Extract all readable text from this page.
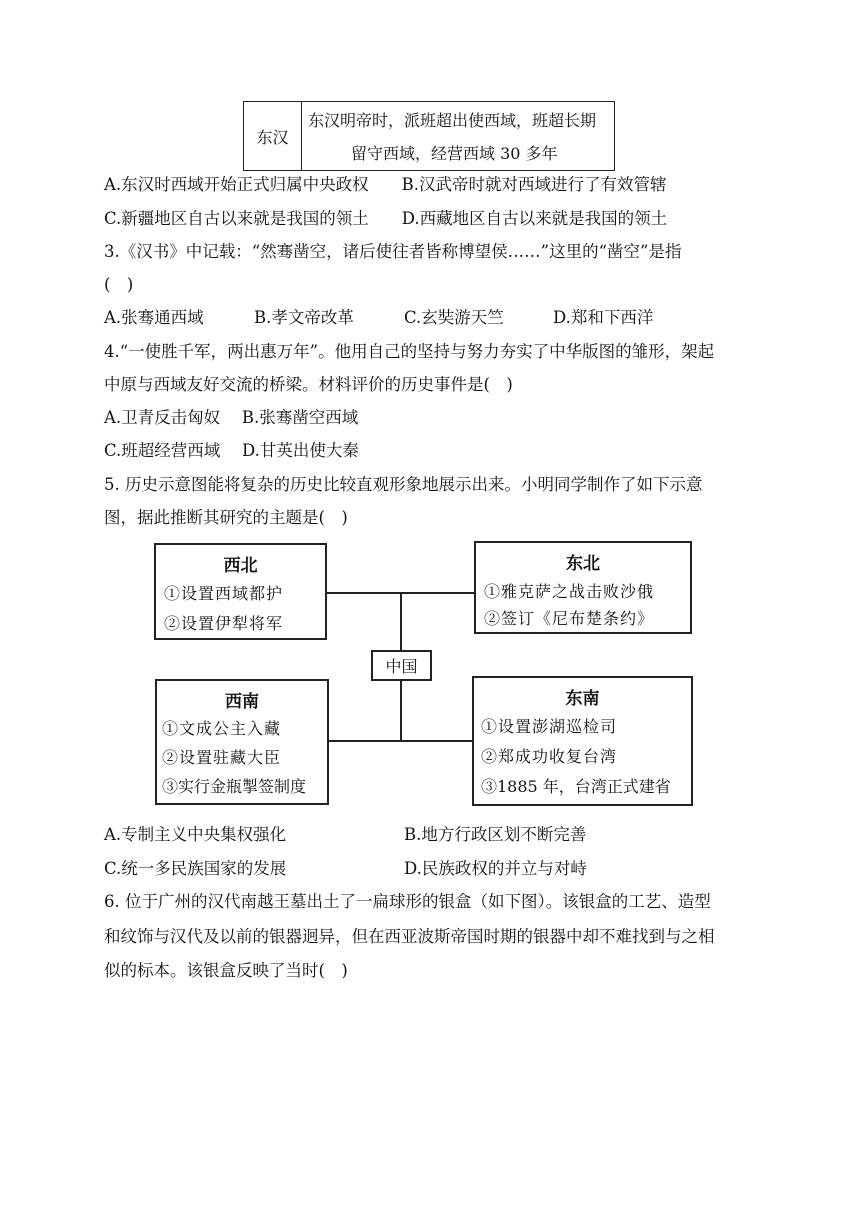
东汉
东汉明帝时，派班超出使西域，班超长期
留守西域，经营西域 30 多年
A.东汉时西域开始正式归属中央政权　　B.汉武帝时就对西域进行了有效管辖
C.新疆地区自古以来就是我国的领土　　D.西藏地区自古以来就是我国的领土
3.《汉书》中记载：“然骞凿空，诸后使往者皆称博望侯……”这里的“凿空”是指
(　)
A.张骞通西域	B.孝文帝改革	C.玄奘游天竺	D.郑和下西洋
4.“一使胜千军，两出惠万年”。他用自己的坚持与努力夯实了中华版图的雏形，架起
中原与西域友好交流的桥梁。材料评价的历史事件是(　)
A.卫青反击匈奴　 B.张骞凿空西域
C.班超经营西域　 D.甘英出使大秦
5. 历史示意图能将复杂的历史比较直观形象地展示出来。小明同学制作了如下示意
图，据此推断其研究的主题是(　)
中国
西北
①设置西域都护
②设置伊犁将军
东北
①雅克萨之战击败沙俄
②签订《尼布楚条约》
西南
①文成公主入藏
②设置驻藏大臣
③实行金瓶掣签制度
东南
①设置澎湖巡检司
②郑成功收复台湾
③1885 年，台湾正式建省
A.专制主义中央集权强化	B.地方行政区划不断完善
C.统一多民族国家的发展	D.民族政权的并立与对峙
6. 位于广州的汉代南越王墓出土了一扁球形的银盒（如下图）。该银盒的工艺、造型
和纹饰与汉代及以前的银器迥异，但在西亚波斯帝国时期的银器中却不难找到与之相
似的标本。该银盒反映了当时(　)
